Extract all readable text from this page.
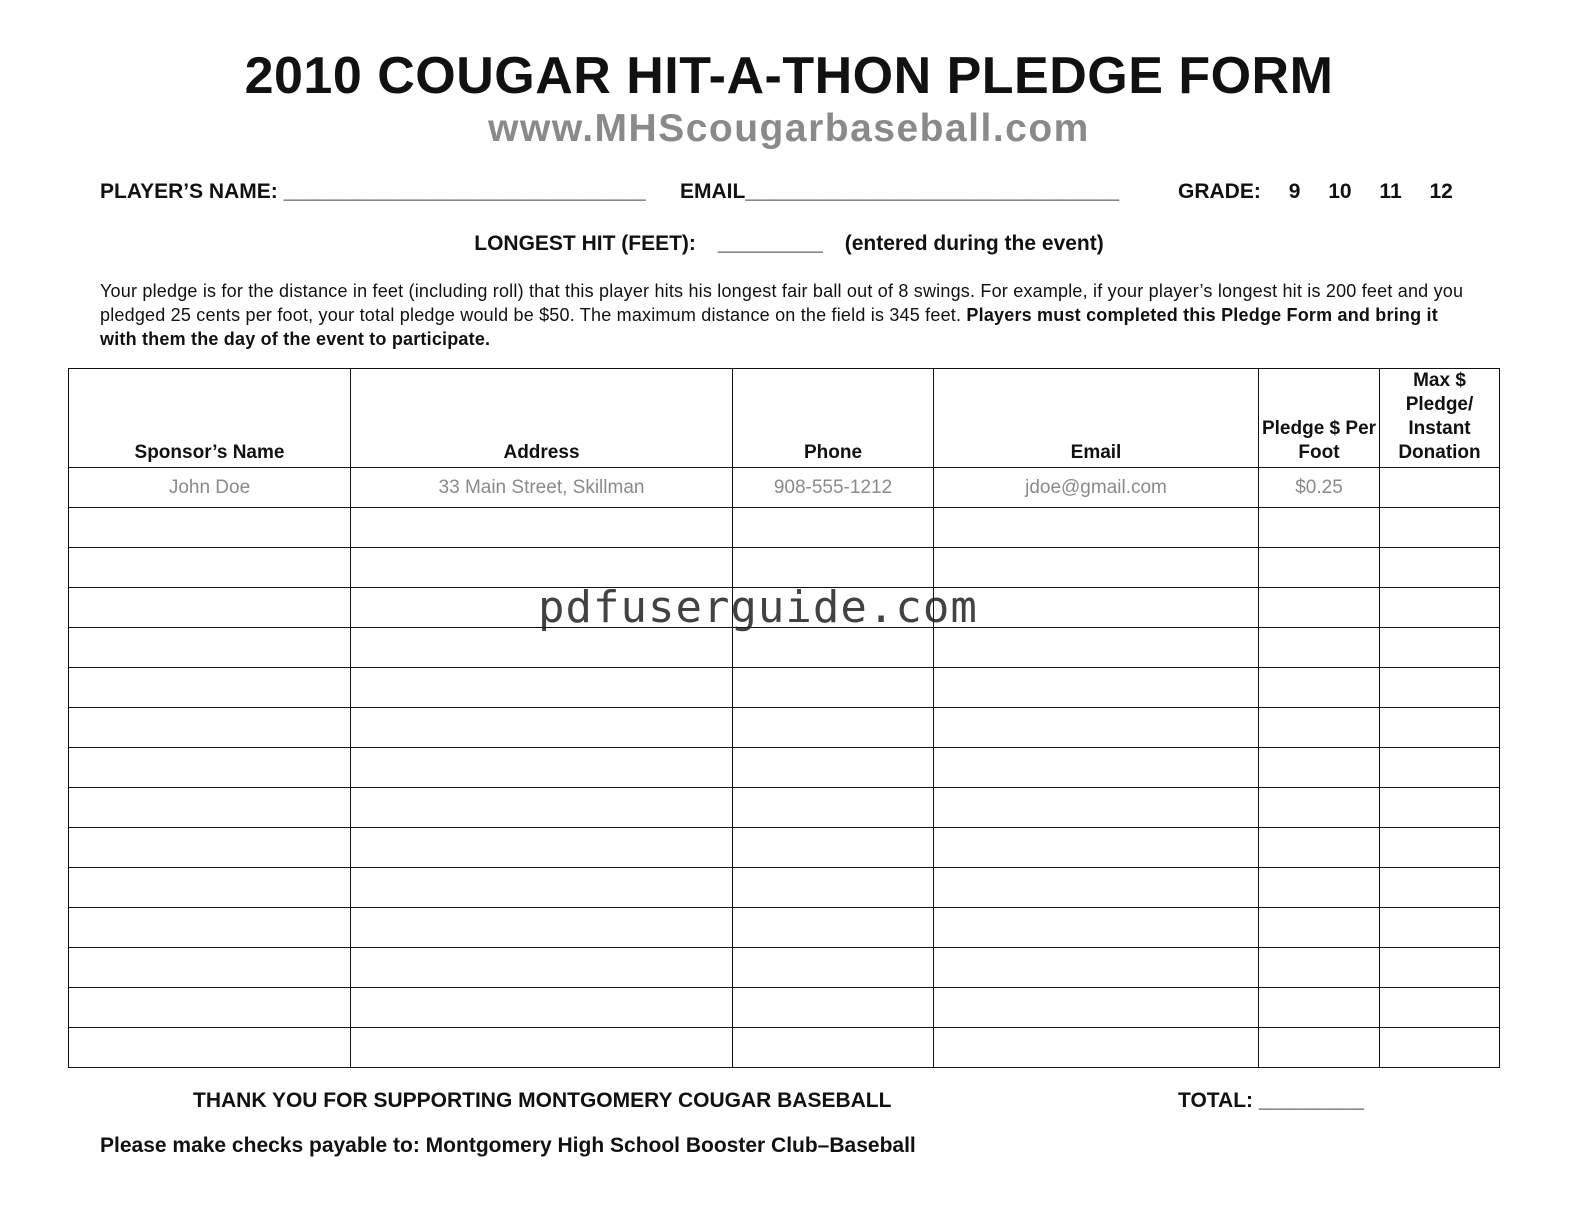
2010 COUGAR HIT-A-THON PLEDGE FORM
www.MHScougarbaseball.com
PLAYER’S NAME: _______________________________ EMAIL________________________________	GRADE: 9 10 11 12
LONGEST HIT (FEET): _________ (entered during the event)
Your pledge is for the distance in feet (including roll) that this player hits his longest fair ball out of 8 swings. For example, if your player’s longest hit is 200 feet and you pledged 25 cents per foot, your total pledge would be $50. The maximum distance on the field is 345 feet. Players must completed this Pledge Form and bring it with them the day of the event to participate.
Sponsor’s Name	Address	Phone	Email	Pledge $ Per Foot	Max $ Pledge/ Instant Donation
John Doe	33 Main Street, Skillman	908-555-1212	jdoe@gmail.com	$0.25	

pdfuserguide.com
THANK YOU FOR SUPPORTING MONTGOMERY COUGAR BASEBALL	TOTAL: _________
Please make checks payable to: Montgomery High School Booster Club–Baseball
